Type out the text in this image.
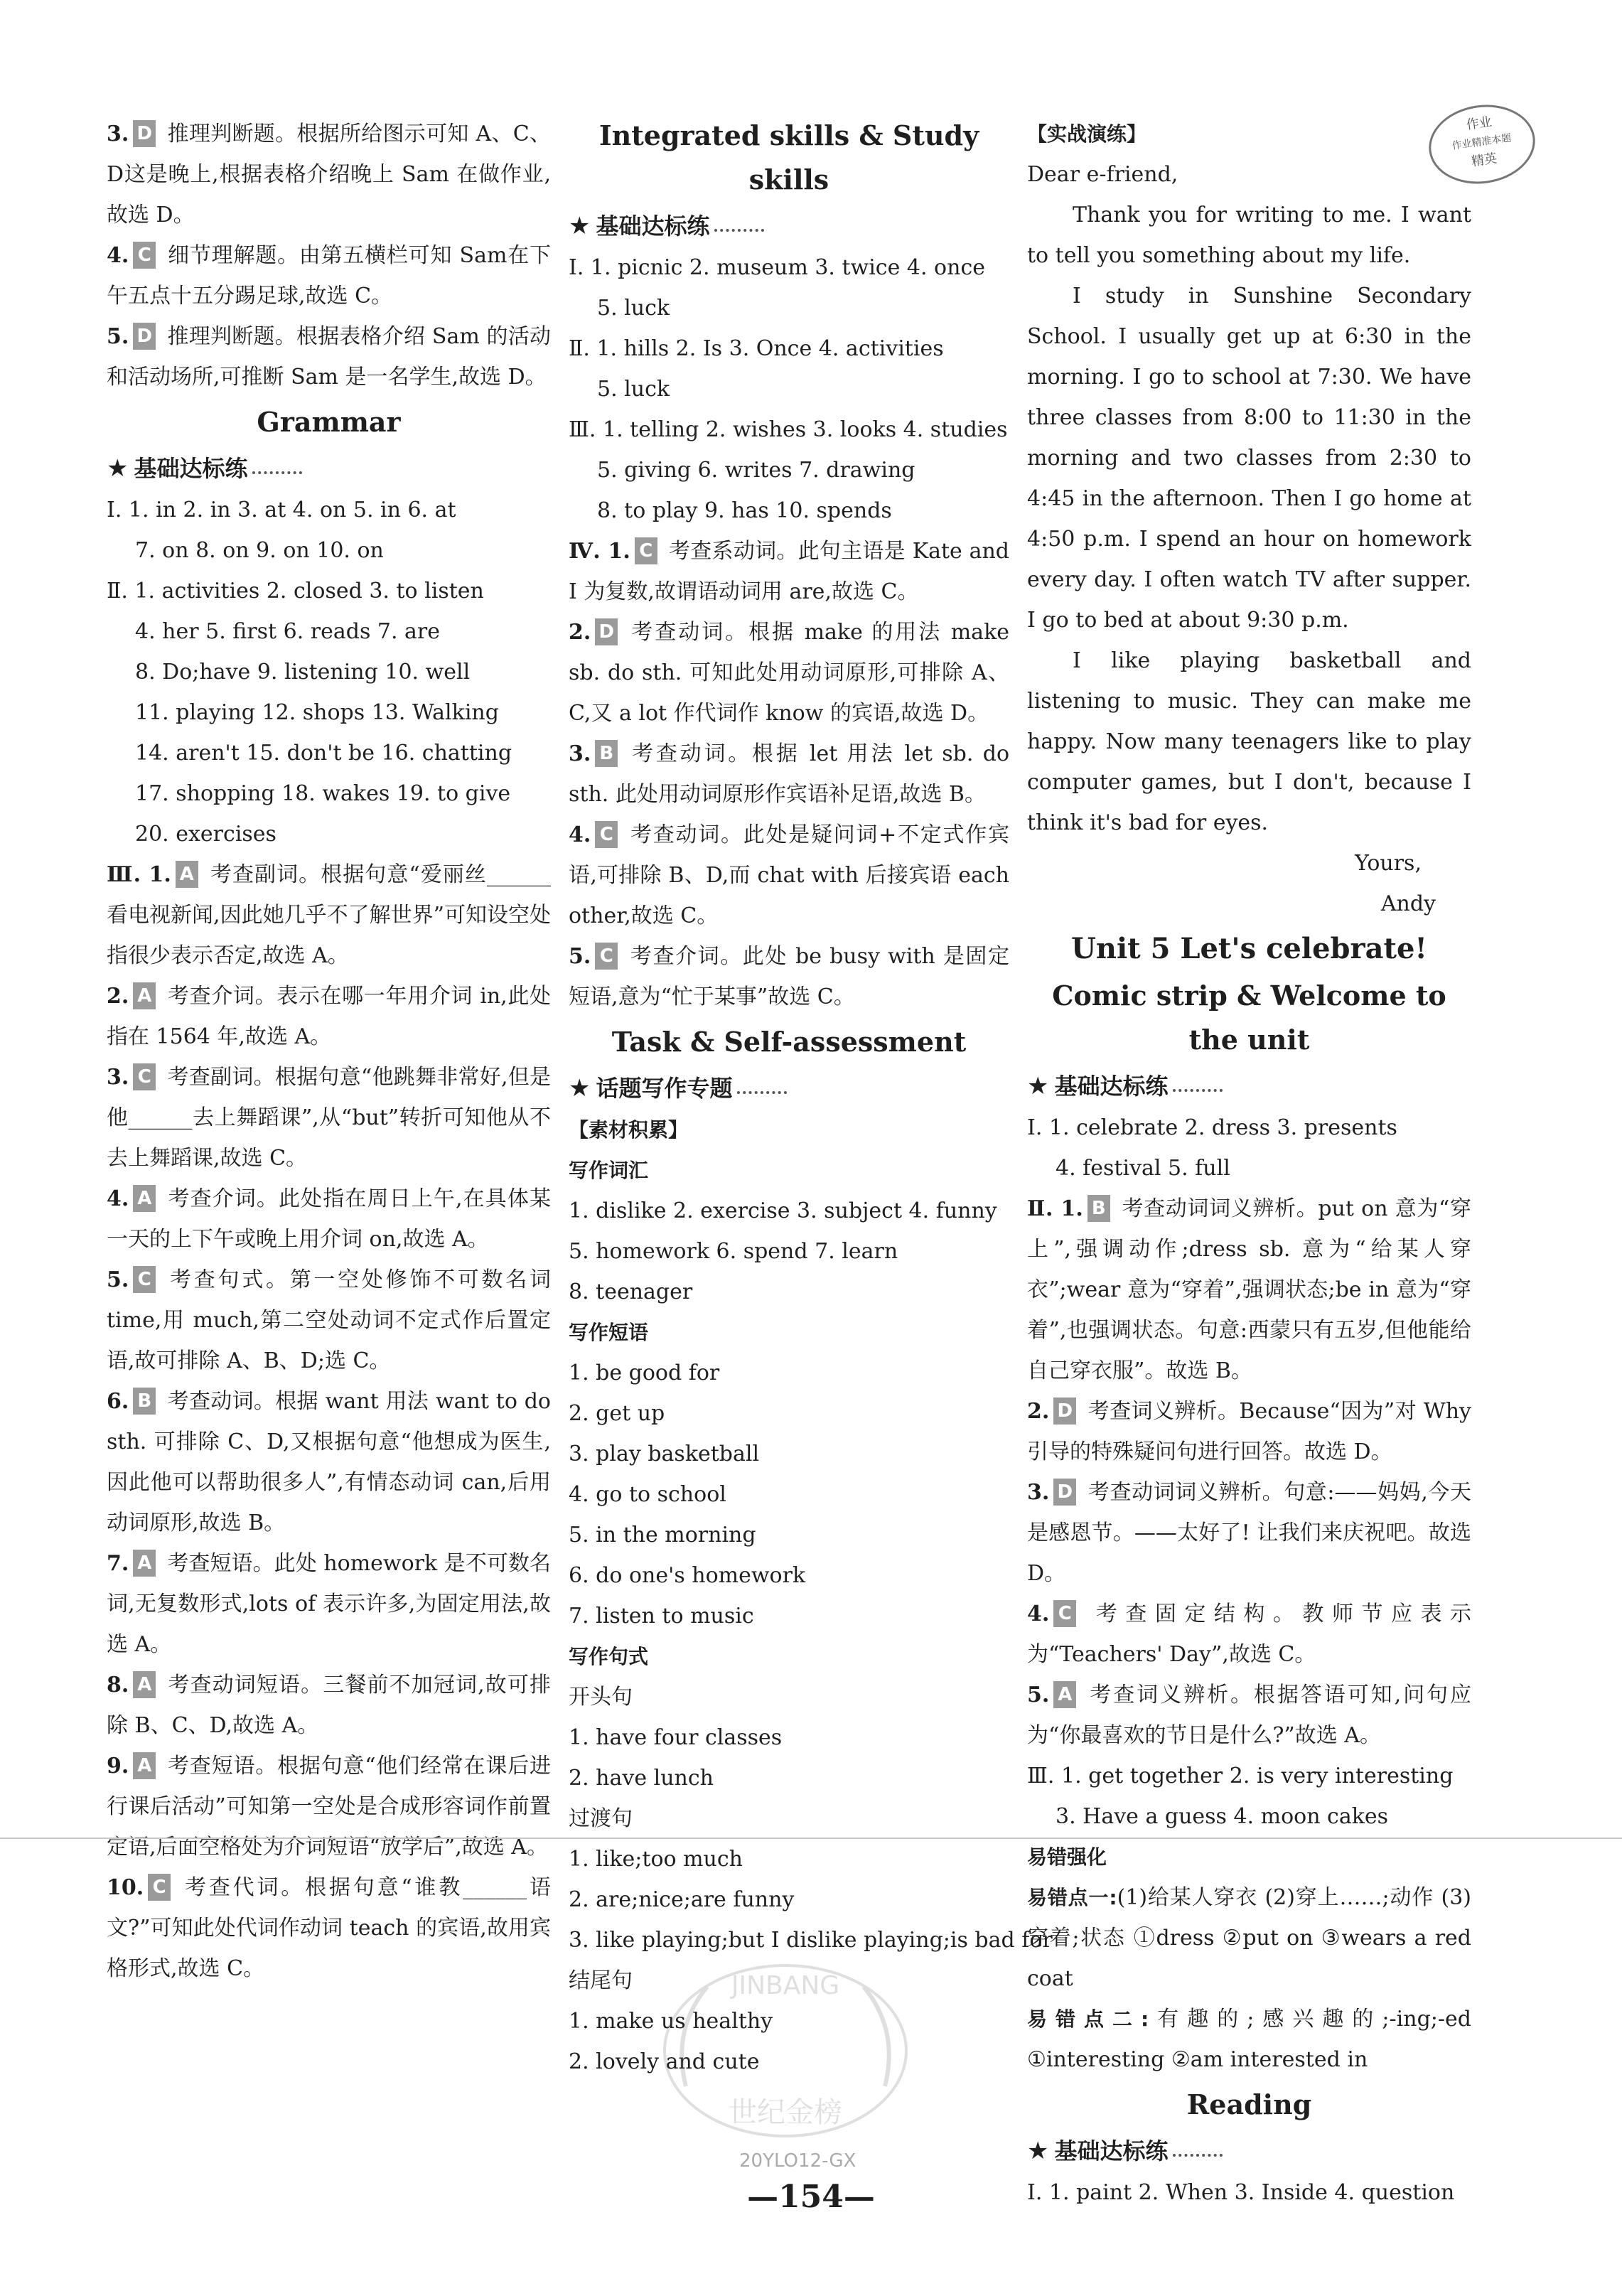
作业
作业精准本题
精英
3. D 推理判断题。根据所给图示可知 A、C、D这是晚上,根据表格介绍晚上 Sam 在做作业,故选 D。
4. C 细节理解题。由第五横栏可知 Sam在下午五点十五分踢足球,故选 C。
5. D 推理判断题。根据表格介绍 Sam 的活动和活动场所,可推断 Sam 是一名学生,故选 D。
Grammar
★ 基础达标练
Ⅰ. 1. in 2. in 3. at 4. on 5. in 6. at
7. on 8. on 9. on 10. on
Ⅱ. 1. activities 2. closed 3. to listen
4. her 5. first 6. reads 7. are
8. Do;have 9. listening 10. well
11. playing 12. shops 13. Walking
14. aren't 15. don't be 16. chatting
17. shopping 18. wakes 19. to give
20. exercises
Ⅲ. 1. A 考查副词。根据句意“爱丽丝______看电视新闻,因此她几乎不了解世界”可知设空处指很少表示否定,故选 A。
2. A 考查介词。表示在哪一年用介词 in,此处指在 1564 年,故选 A。
3. C 考查副词。根据句意“他跳舞非常好,但是他______去上舞蹈课”,从“but”转折可知他从不去上舞蹈课,故选 C。
4. A 考查介词。此处指在周日上午,在具体某一天的上下午或晚上用介词 on,故选 A。
5. C 考查句式。第一空处修饰不可数名词 time,用 much,第二空处动词不定式作后置定语,故可排除 A、B、D;选 C。
6. B 考查动词。根据 want 用法 want to do sth. 可排除 C、D,又根据句意“他想成为医生,因此他可以帮助很多人”,有情态动词 can,后用动词原形,故选 B。
7. A 考查短语。此处 homework 是不可数名词,无复数形式,lots of 表示许多,为固定用法,故选 A。
8. A 考查动词短语。三餐前不加冠词,故可排除 B、C、D,故选 A。
9. A 考查短语。根据句意“他们经常在课后进行课后活动”可知第一空处是合成形容词作前置定语,后面空格处为介词短语“放学后”,故选 A。
10. C 考查代词。根据句意“谁教______语文?”可知此处代词作动词 teach 的宾语,故用宾格形式,故选 C。
Integrated skills & Study skills
★ 基础达标练
Ⅰ. 1. picnic 2. museum 3. twice 4. once
5. luck
Ⅱ. 1. hills 2. Is 3. Once 4. activities
5. luck
Ⅲ. 1. telling 2. wishes 3. looks 4. studies
5. giving 6. writes 7. drawing
8. to play 9. has 10. spends
Ⅳ. 1. C 考查系动词。此句主语是 Kate and I 为复数,故谓语动词用 are,故选 C。
2. D 考查动词。根据 make 的用法 make sb. do sth. 可知此处用动词原形,可排除 A、C,又 a lot 作代词作 know 的宾语,故选 D。
3. B 考查动词。根据 let 用法 let sb. do sth. 此处用动词原形作宾语补足语,故选 B。
4. C 考查动词。此处是疑问词+不定式作宾语,可排除 B、D,而 chat with 后接宾语 each other,故选 C。
5. C 考查介词。此处 be busy with 是固定短语,意为“忙于某事”故选 C。
Task & Self-assessment
★ 话题写作专题
【素材积累】
写作词汇
1. dislike 2. exercise 3. subject 4. funny
5. homework 6. spend 7. learn
8. teenager
写作短语
1. be good for
2. get up
3. play basketball
4. go to school
5. in the morning
6. do one's homework
7. listen to music
写作句式
开头句
1. have four classes
2. have lunch
过渡句
1. like;too much
2. are;nice;are funny
3. like playing;but I dislike playing;is bad for
结尾句
1. make us healthy
2. lovely and cute
【实战演练】

Dear e-friend,

Thank you for writing to me. I want to tell you something about my life.

I study in Sunshine Secondary School. I usually get up at 6:30 in the morning. I go to school at 7:30. We have three classes from 8:00 to 11:30 in the morning and two classes from 2:30 to 4:45 in the afternoon. Then I go home at 4:50 p.m. I spend an hour on homework every day. I often watch TV after supper. I go to bed at about 9:30 p.m.

I like playing basketball and listening to music. They can make me happy. Now many teenagers like to play computer games, but I don't, because I think it's bad for eyes.

Yours,

Andy

Unit 5 Let's celebrate!
Comic strip & Welcome to the unit
★ 基础达标练
Ⅰ. 1. celebrate 2. dress 3. presents
4. festival 5. full
Ⅱ. 1. B 考查动词词义辨析。put on 意为“穿上”,强调动作;dress sb. 意为“给某人穿衣”;wear 意为“穿着”,强调状态;be in 意为“穿着”,也强调状态。句意:西蒙只有五岁,但他能给自己穿衣服”。故选 B。
2. D 考查词义辨析。Because“因为”对 Why 引导的特殊疑问句进行回答。故选 D。
3. D 考查动词词义辨析。句意:——妈妈,今天是感恩节。——太好了! 让我们来庆祝吧。故选 D。
4. C 考查固定结构。教师节应表示为“Teachers' Day”,故选 C。
5. A 考查词义辨析。根据答语可知,问句应为“你最喜欢的节日是什么?”故选 A。
Ⅲ. 1. get together 2. is very interesting
3. Have a guess 4. moon cakes
易错强化
易错点一:(1)给某人穿衣 (2)穿上……;动作 (3)穿着;状态 ①dress ②put on ③wears a red coat
易错点二:有趣的;感兴趣的;-ing;-ed ①interesting ②am interested in
Reading
★ 基础达标练
Ⅰ. 1. paint 2. When 3. Inside 4. question
JINBANG
世纪金榜
20YLO12-GX
—154—
